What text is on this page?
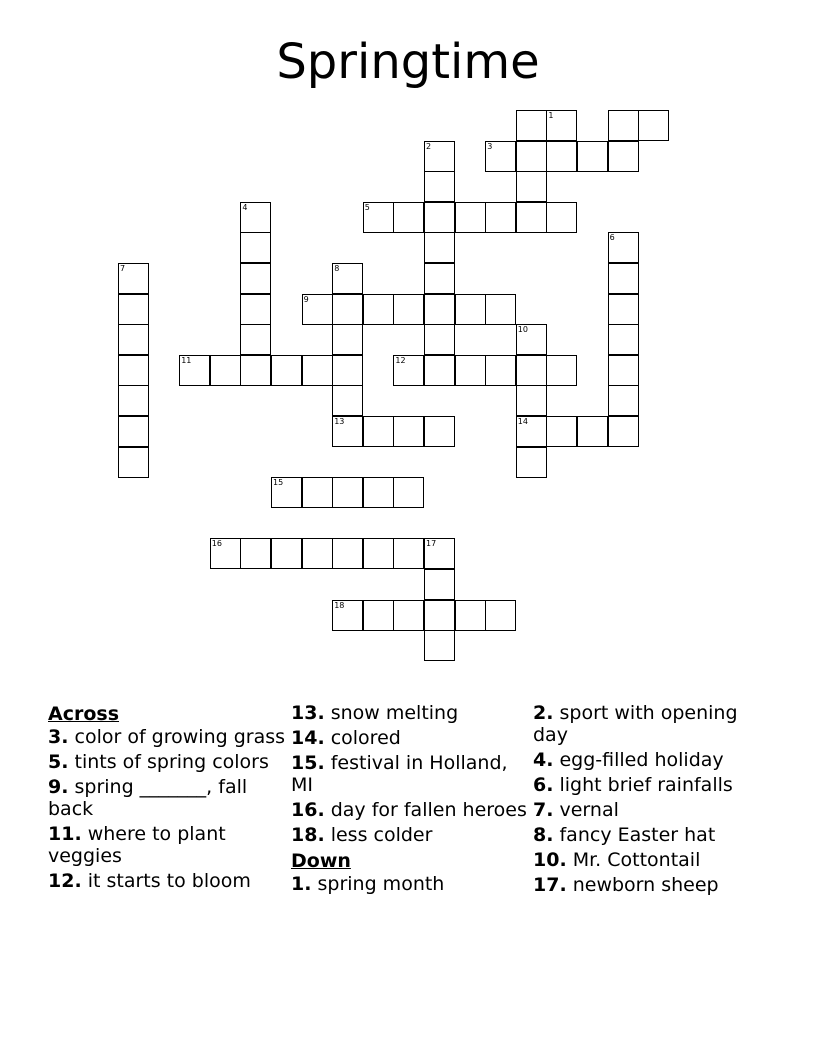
Springtime
1
2	3
4	5
6
7	8
9
10
11	12
13	14
15
16	17
18
Across
3. color of growing grass
5. tints of spring colors
9. spring _______, fall back
11. where to plant veggies
12. it starts to bloom
13. snow melting
14. colored
15. festival in Holland, MI
16. day for fallen heroes
18. less colder
Down
1. spring month
2. sport with opening day
4. egg-filled holiday
6. light brief rainfalls
7. vernal
8. fancy Easter hat
10. Mr. Cottontail
17. newborn sheep
